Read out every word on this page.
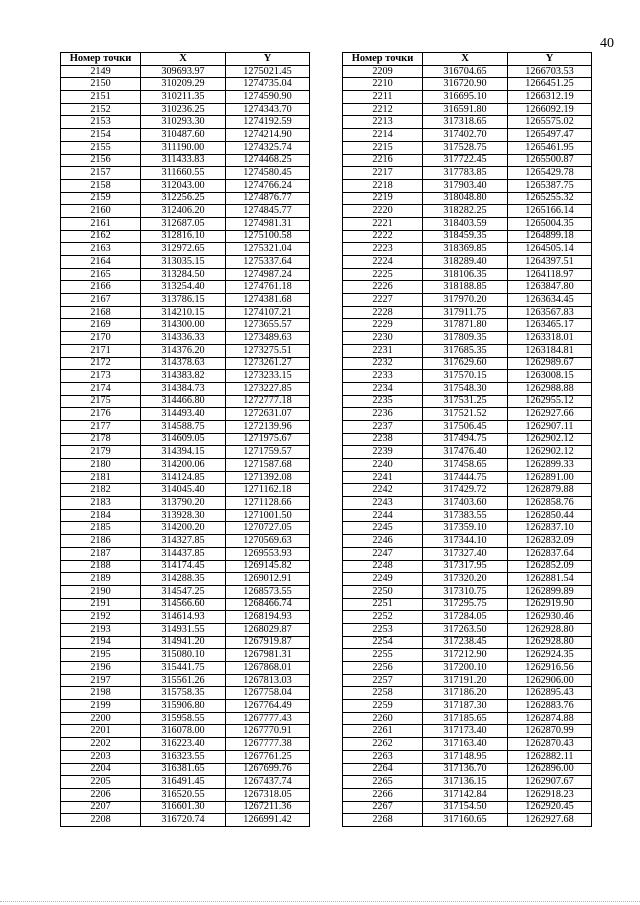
40
Номер точки	X	Y
2149	309693.97	1275021.45
2150	310209.29	1274735.04
2151	310211.35	1274590.90
2152	310236.25	1274343.70
2153	310293.30	1274192.59
2154	310487.60	1274214.90
2155	311190.00	1274325.74
2156	311433.83	1274468.25
2157	311660.55	1274580.45
2158	312043.00	1274766.24
2159	312256.25	1274876.77
2160	312406.20	1274845.77
2161	312687.05	1274981.31
2162	312816.10	1275100.58
2163	312972.65	1275321.04
2164	313035.15	1275337.64
2165	313284.50	1274987.24
2166	313254.40	1274761.18
2167	313786.15	1274381.68
2168	314210.15	1274107.21
2169	314300.00	1273655.57
2170	314336.33	1273489.63
2171	314376.20	1273275.51
2172	314378.63	1273261.27
2173	314383.82	1273233.15
2174	314384.73	1273227.85
2175	314466.80	1272777.18
2176	314493.40	1272631.07
2177	314588.75	1272139.96
2178	314609.05	1271975.67
2179	314394.15	1271759.57
2180	314200.06	1271587.68
2181	314124.85	1271392.08
2182	314045.40	1271162.18
2183	313790.20	1271128.66
2184	313928.30	1271001.50
2185	314200.20	1270727.05
2186	314327.85	1270569.63
2187	314437.85	1269553.93
2188	314174.45	1269145.82
2189	314288.35	1269012.91
2190	314547.25	1268573.55
2191	314566.60	1268466.74
2192	314614.93	1268194.93
2193	314931.55	1268029.87
2194	314941.20	1267919.87
2195	315080.10	1267981.31
2196	315441.75	1267868.01
2197	315561.26	1267813.03
2198	315758.35	1267758.04
2199	315906.80	1267764.49
2200	315958.55	1267777.43
2201	316078.00	1267770.91
2202	316223.40	1267777.38
2203	316323.55	1267761.25
2204	316381.65	1267699.76
2205	316491.45	1267437.74
2206	316520.55	1267318.05
2207	316601.30	1267211.36
2208	316720.74	1266991.42
Номер точки	X	Y
2209	316704.65	1266703.53
2210	316720.90	1266451.25
2211	316695.10	1266312.19
2212	316591.80	1266092.19
2213	317318.65	1265575.02
2214	317402.70	1265497.47
2215	317528.75	1265461.95
2216	317722.45	1265500.87
2217	317783.85	1265429.78
2218	317903.40	1265387.75
2219	318048.80	1265255.32
2220	318282.25	1265166.14
2221	318403.59	1265004.35
2222	318459.35	1264899.18
2223	318369.85	1264505.14
2224	318289.40	1264397.51
2225	318106.35	1264118.97
2226	318188.85	1263847.80
2227	317970.20	1263634.45
2228	317911.75	1263567.83
2229	317871.80	1263465.17
2230	317809.35	1263318.01
2231	317685.35	1263184.81
2232	317629.60	1262989.67
2233	317570.15	1263008.15
2234	317548.30	1262988.88
2235	317531.25	1262955.12
2236	317521.52	1262927.66
2237	317506.45	1262907.11
2238	317494.75	1262902.12
2239	317476.40	1262902.12
2240	317458.65	1262899.33
2241	317444.75	1262891.00
2242	317429.72	1262879.88
2243	317403.60	1262858.76
2244	317383.55	1262850.44
2245	317359.10	1262837.10
2246	317344.10	1262832.09
2247	317327.40	1262837.64
2248	317317.95	1262852.09
2249	317320.20	1262881.54
2250	317310.75	1262899.89
2251	317295.75	1262919.90
2252	317284.05	1262930.46
2253	317263.50	1262928.80
2254	317238.45	1262928.80
2255	317212.90	1262924.35
2256	317200.10	1262916.56
2257	317191.20	1262906.00
2258	317186.20	1262895.43
2259	317187.30	1262883.76
2260	317185.65	1262874.88
2261	317173.40	1262870.99
2262	317163.40	1262870.43
2263	317148.95	1262882.11
2264	317136.70	1262896.00
2265	317136.15	1262907.67
2266	317142.84	1262918.23
2267	317154.50	1262920.45
2268	317160.65	1262927.68
